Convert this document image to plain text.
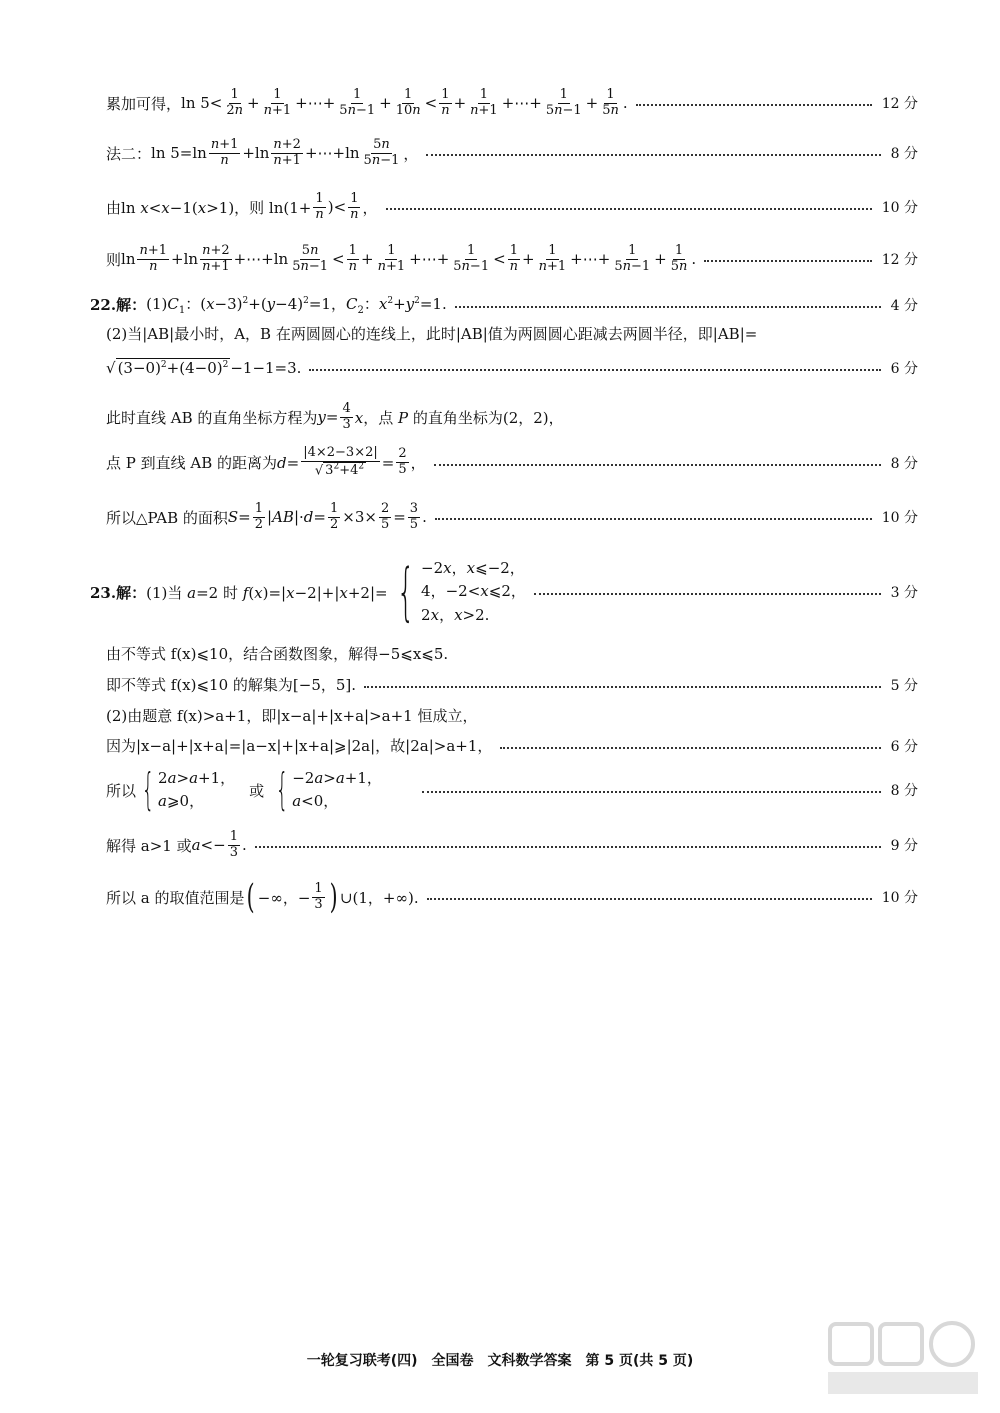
累加可得， ln 5< 1
2n + 1
n+1 +⋯+ 1
5n−1 + 1
10n < 1
n + 1
n+1 +⋯+ 1
5n−1 + 1
5n .	12 分
法二： ln 5=ln n+1
n +ln n+2
n+1 +⋯+ln 5n
5n−1 ，	8 分
由 ln x<x−1(x>1)，则 $\ln(1+ \frac{1}{n}$ )< 1
n ，	10 分
则 ln n+1
n +ln n+2
n+1 +⋯+ln 5n
5n−1 < 1
n + 1
n+1 +⋯+ 1
5n−1 < 1
n + 1
n+1 +⋯+ 1
5n−1 + 1
5n .	12 分
22.解： $(1)C_1$：$(x-3)^2+(y-4)^2=1$，$C_2$：$x^2+y^2=1$.	4 分
(2)当|AB|最小时，A，B 在两圆圆心的连线上，此时|AB|值为两圆圆心距减去两圆半径，即|AB|=
√ $(3-0)^2+(4-0)^2 -1-1=3$.	6 分
此时直线 AB 的直角坐标方程为 y = 4
3 x，点 P 的直角坐标为(2，2)，
点 P 到直线 AB 的距离为 d =
|4×2−3×2|
√ $3^2+4^2 = 2$
5 ，	8 分
所以△PAB 的面积 S = 1
2 $|AB|\cdot d= \frac{1}{2} \times 3\times 2$
5 = 3
5 .	10 分
23.解： (1)当 a=2 时 f(x)=|x−2|+|x+2|= { −2x，x⩽−2，
4，−2<x⩽2，
2x，x>2.
3 分
由不等式 f(x)⩽10，结合函数图象，解得−5⩽x⩽5.
即不等式 f(x)⩽10 的解集为[−5，5].	5 分
(2)由题意 f(x)>a+1，即|x−a|+|x+a|>a+1 恒成立，
因为|x−a|+|x+a|=|a−x|+|x+a|⩾|2a|，故|2a|>a+1，	6 分
所以 { 2a>a+1，
a⩾0，
或 { −2a>a+1，
a<0，
8 分
解得 a>1 或 a <− 1
3 .	9 分
所以 a 的取值范围是 ( −∞，− $\frac{1}{3}$ ) ∪(1，+∞).	10 分
一轮复习联考(四)　全国卷　文科数学答案　第 5 页(共 5 页)
